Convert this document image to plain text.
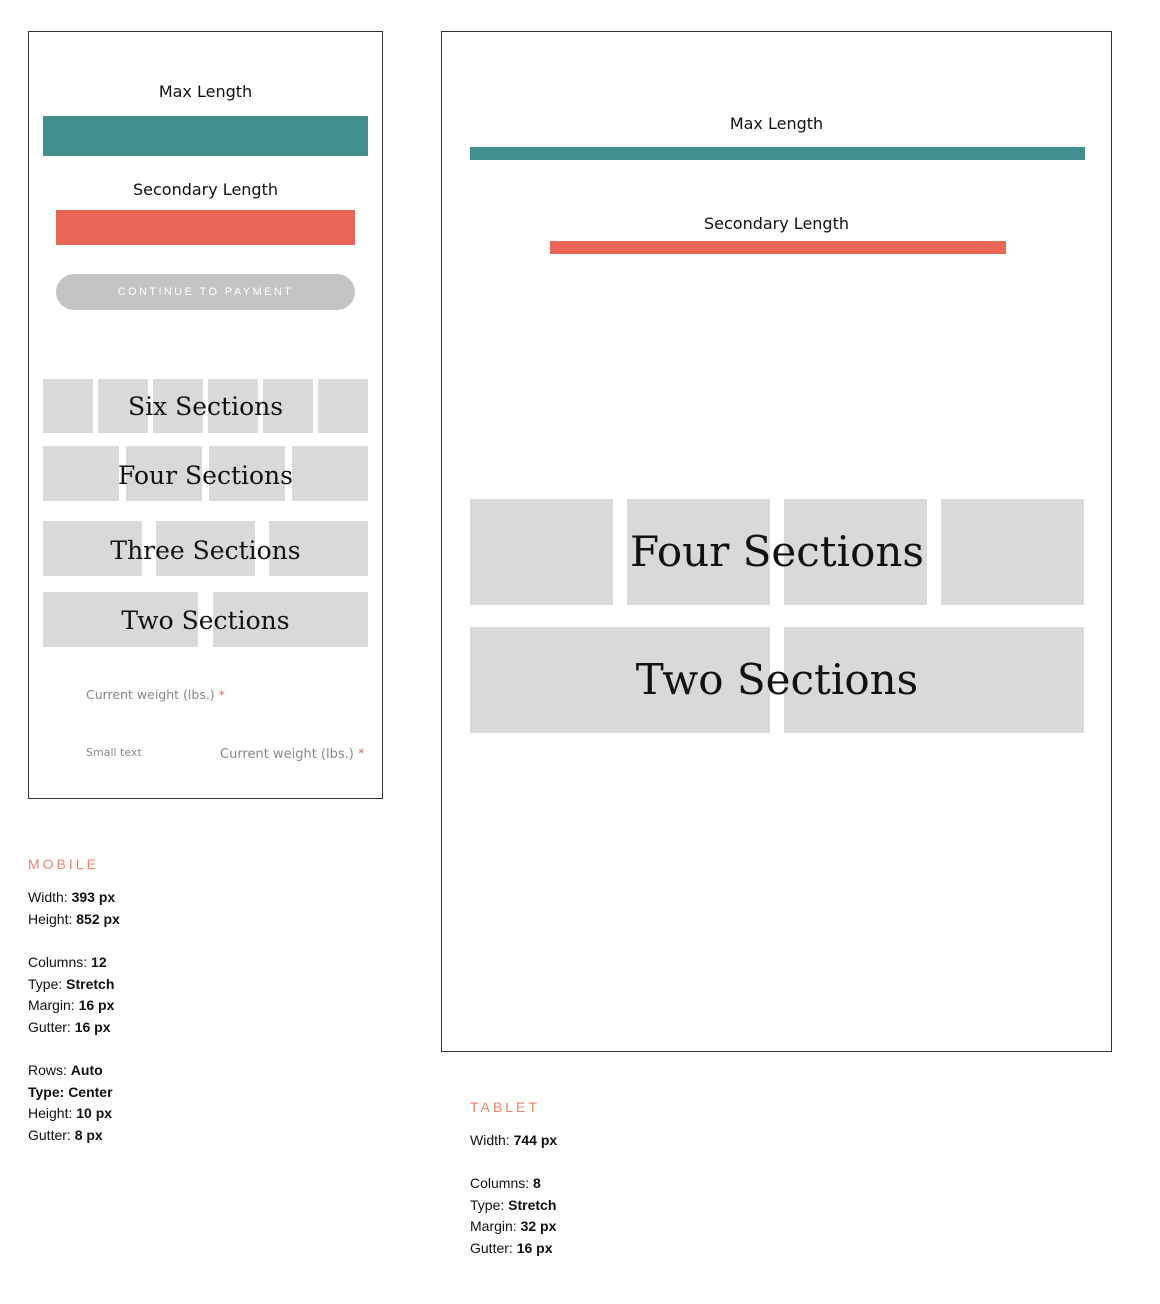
Max Length
Secondary Length
CONTINUE TO PAYMENT
Six Sections
Four Sections
Three Sections
Two Sections
Current weight (lbs.) *
Small text	Current weight (lbs.) *
Max Length
Secondary Length
Four Sections
Two Sections
MOBILE
Width: 393 px
Height: 852 px
Columns: 12
Type: Stretch
Margin: 16 px
Gutter: 16 px
Rows: Auto
Type: Center
Height: 10 px
Gutter: 8 px
TABLET
Width: 744 px
Columns: 8
Type: Stretch
Margin: 32 px
Gutter: 16 px
